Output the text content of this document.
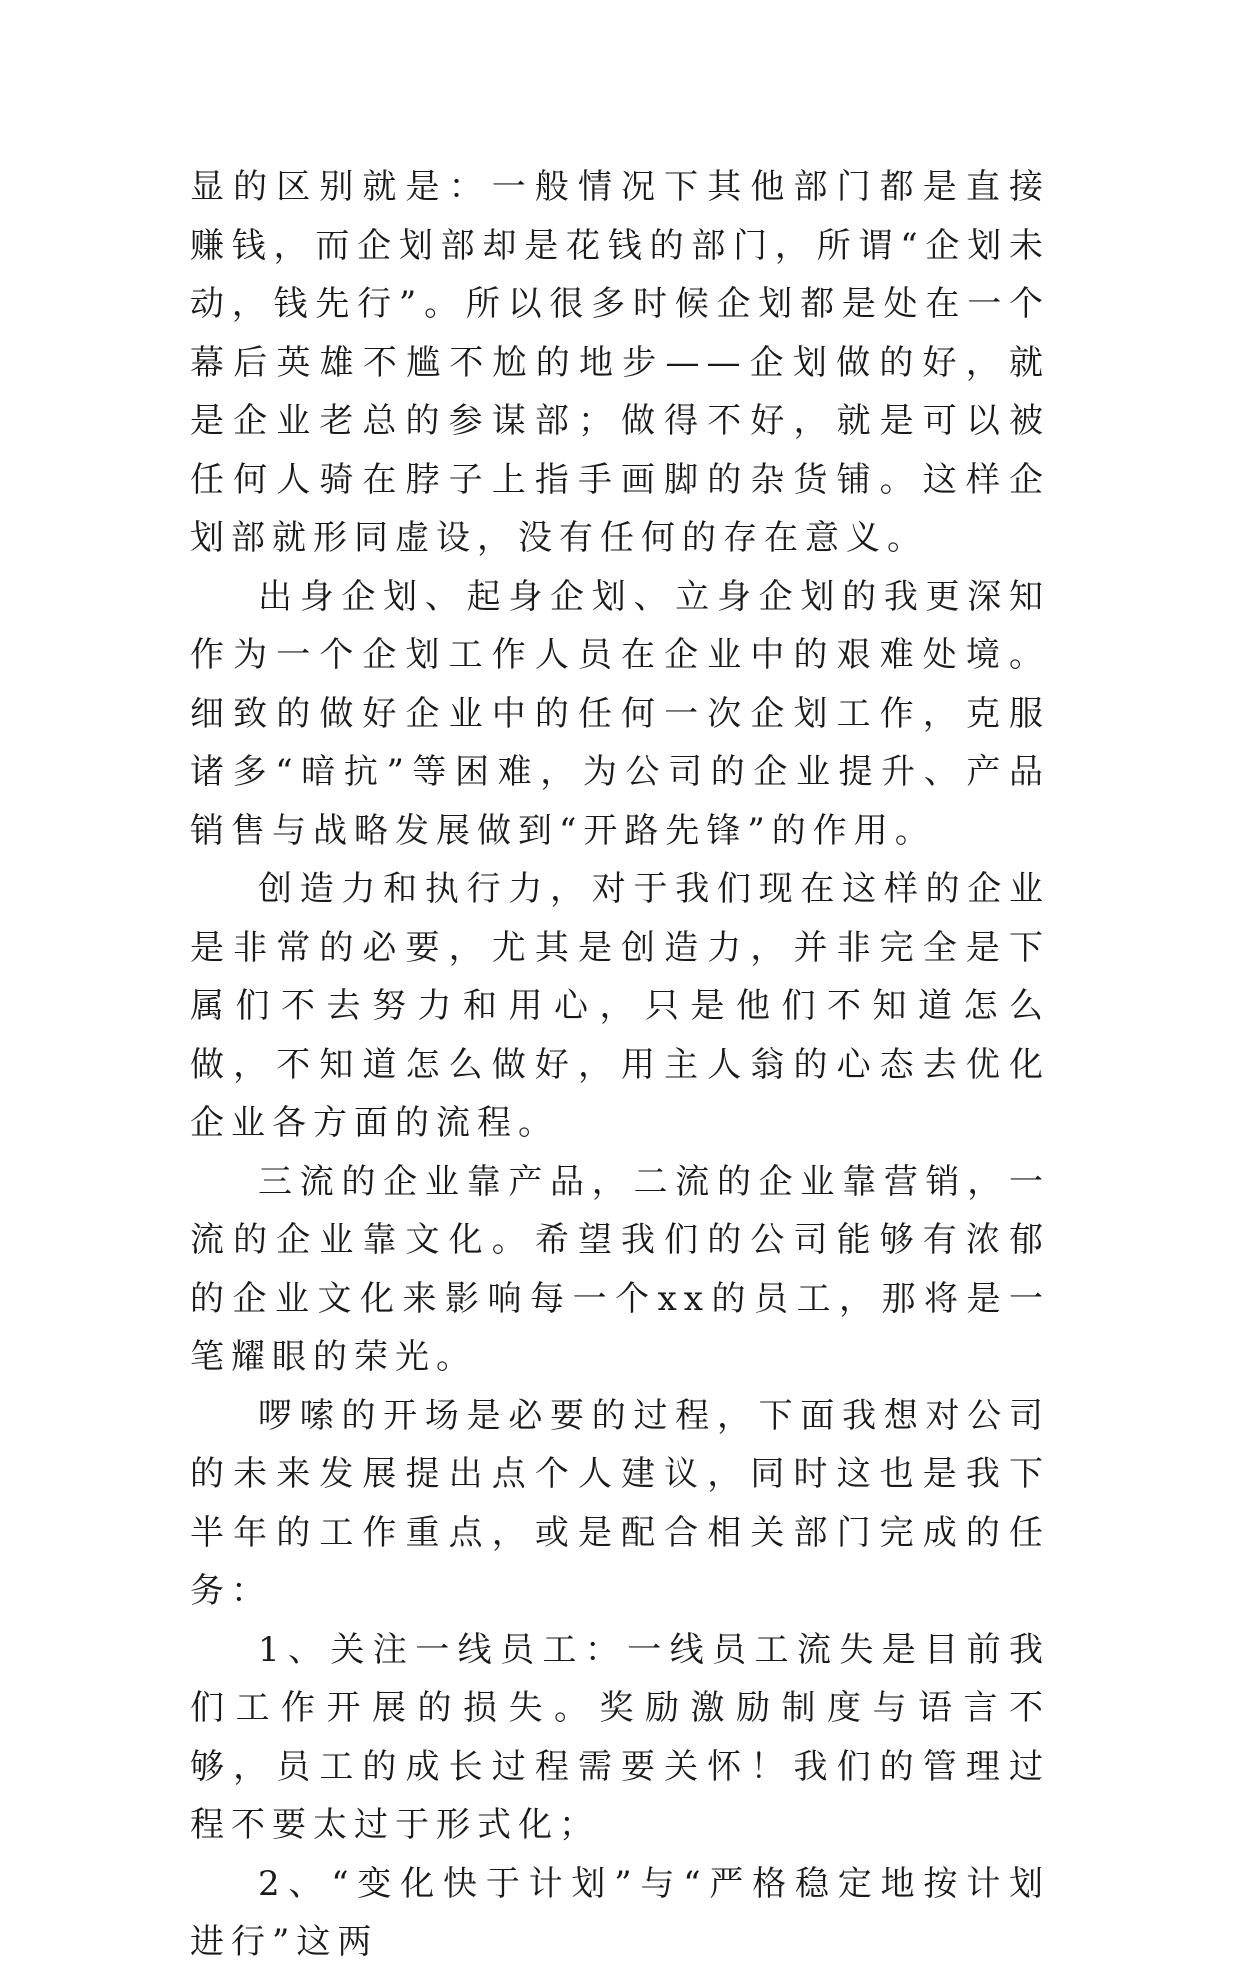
显的区别就是：一般情况下其他部门都是直接赚钱，而企划部却是花钱的部门，所谓“企划未动，钱先行”。所以很多时候企划都是处在一个幕后英雄不尴不尬的地步——企划做的好，就是企业老总的参谋部；做得不好，就是可以被任何人骑在脖子上指手画脚的杂货铺。这样企划部就形同虚设，没有任何的存在意义。

出身企划、起身企划、立身企划的我更深知作为一个企划工作人员在企业中的艰难处境。细致的做好企业中的任何一次企划工作，克服诸多“暗抗”等困难，为公司的企业提升、产品销售与战略发展做到“开路先锋”的作用。

创造力和执行力，对于我们现在这样的企业是非常的必要，尤其是创造力，并非完全是下属们不去努力和用心，只是他们不知道怎么做，不知道怎么做好，用主人翁的心态去优化企业各方面的流程。

三流的企业靠产品，二流的企业靠营销，一流的企业靠文化。希望我们的公司能够有浓郁的企业文化来影响每一个xx的员工，那将是一笔耀眼的荣光。

啰嗦的开场是必要的过程，下面我想对公司的未来发展提出点个人建议，同时这也是我下半年的工作重点，或是配合相关部门完成的任务：

1、关注一线员工：一线员工流失是目前我们工作开展的损失。奖励激励制度与语言不够，员工的成长过程需要关怀！我们的管理过程不要太过于形式化；

2、“变化快于计划”与“严格稳定地按计划进行”这两
